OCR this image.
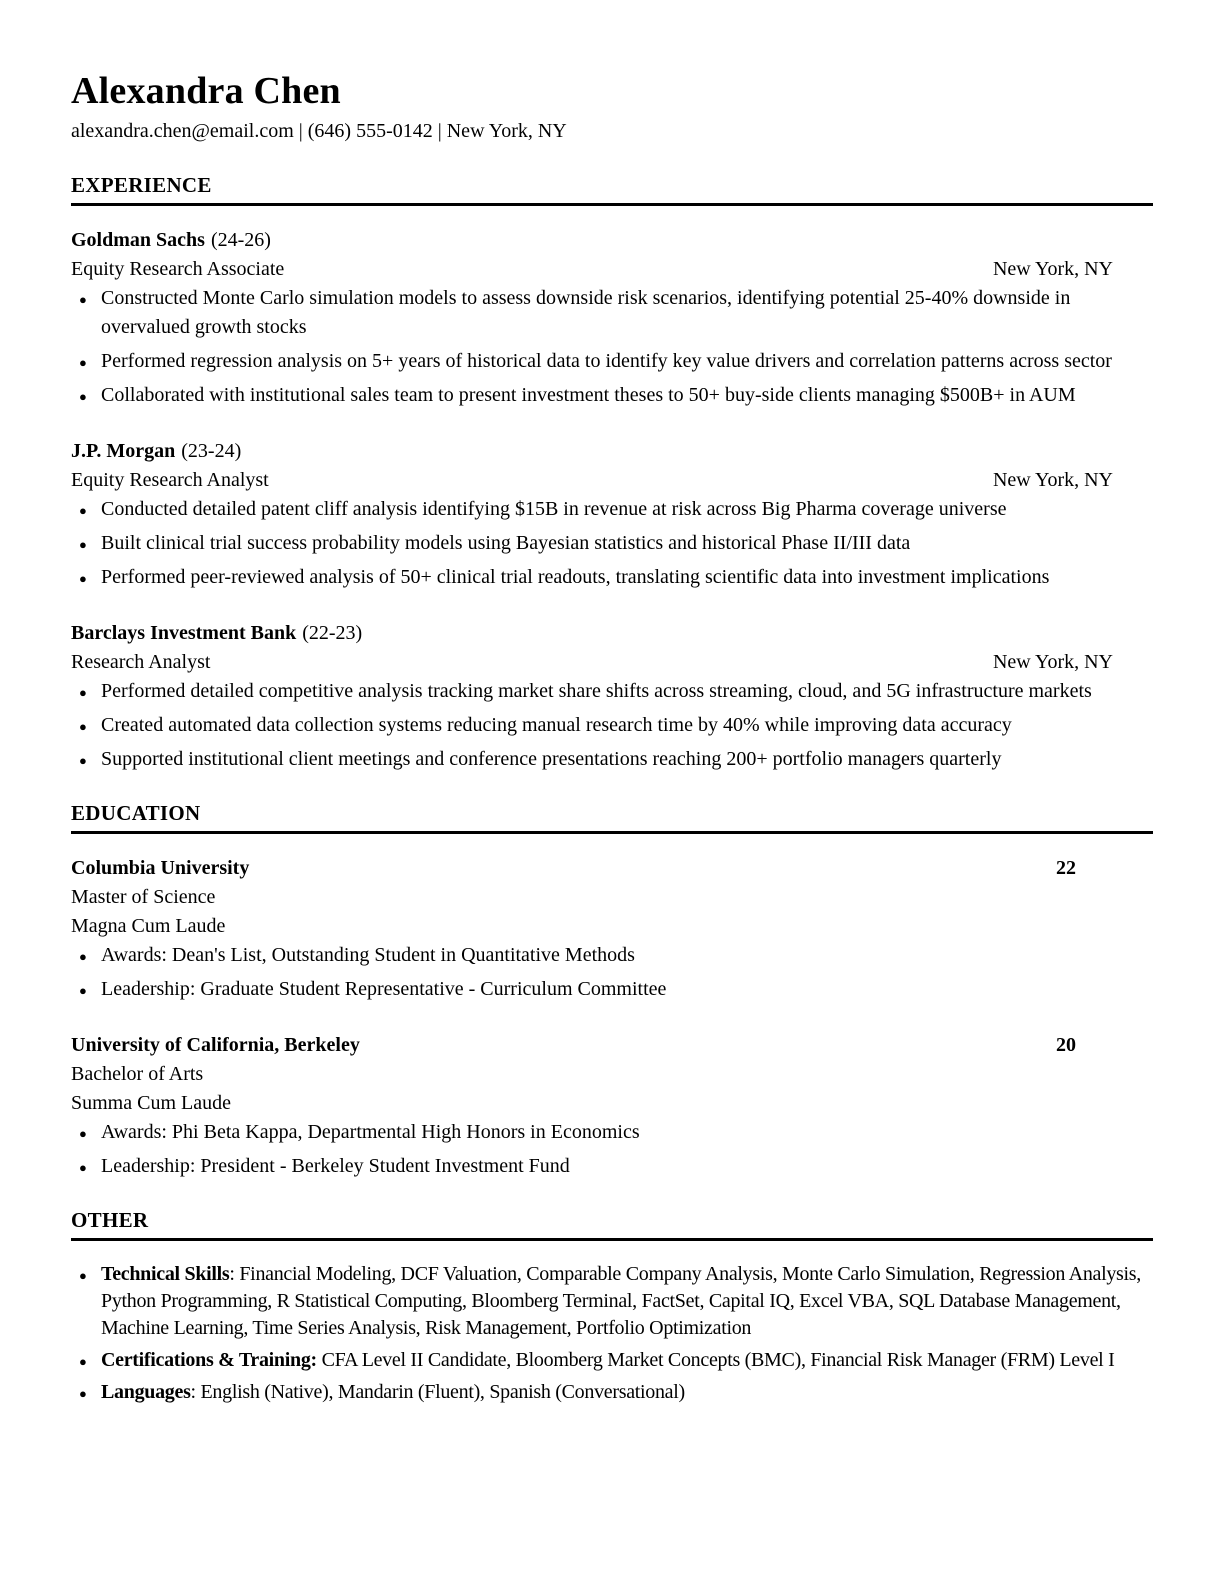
Alexandra Chen
alexandra.chen@email.com | (646) 555-0142 | New York, NY
EXPERIENCE
Goldman Sachs (24-26)
Equity Research Associate	New York, NY
● Constructed Monte Carlo simulation models to assess downside risk scenarios, identifying potential 25-40% downside in overvalued growth stocks
● Performed regression analysis on 5+ years of historical data to identify key value drivers and correlation patterns across sector
● Collaborated with institutional sales team to present investment theses to 50+ buy-side clients managing $500B+ in AUM
J.P. Morgan (23-24)
Equity Research Analyst	New York, NY
● Conducted detailed patent cliff analysis identifying $15B in revenue at risk across Big Pharma coverage universe
● Built clinical trial success probability models using Bayesian statistics and historical Phase II/III data
● Performed peer-reviewed analysis of 50+ clinical trial readouts, translating scientific data into investment implications
Barclays Investment Bank (22-23)
Research Analyst	New York, NY
● Performed detailed competitive analysis tracking market share shifts across streaming, cloud, and 5G infrastructure markets
● Created automated data collection systems reducing manual research time by 40% while improving data accuracy
● Supported institutional client meetings and conference presentations reaching 200+ portfolio managers quarterly
EDUCATION
Columbia University	22
Master of Science
Magna Cum Laude
● Awards: Dean's List, Outstanding Student in Quantitative Methods
● Leadership: Graduate Student Representative - Curriculum Committee
University of California, Berkeley	20
Bachelor of Arts
Summa Cum Laude
● Awards: Phi Beta Kappa, Departmental High Honors in Economics
● Leadership: President - Berkeley Student Investment Fund
OTHER
● Technical Skills: Financial Modeling, DCF Valuation, Comparable Company Analysis, Monte Carlo Simulation, Regression Analysis, Python Programming, R Statistical Computing, Bloomberg Terminal, FactSet, Capital IQ, Excel VBA, SQL Database Management, Machine Learning, Time Series Analysis, Risk Management, Portfolio Optimization
● Certifications & Training: CFA Level II Candidate, Bloomberg Market Concepts (BMC), Financial Risk Manager (FRM) Level I
● Languages: English (Native), Mandarin (Fluent), Spanish (Conversational)
